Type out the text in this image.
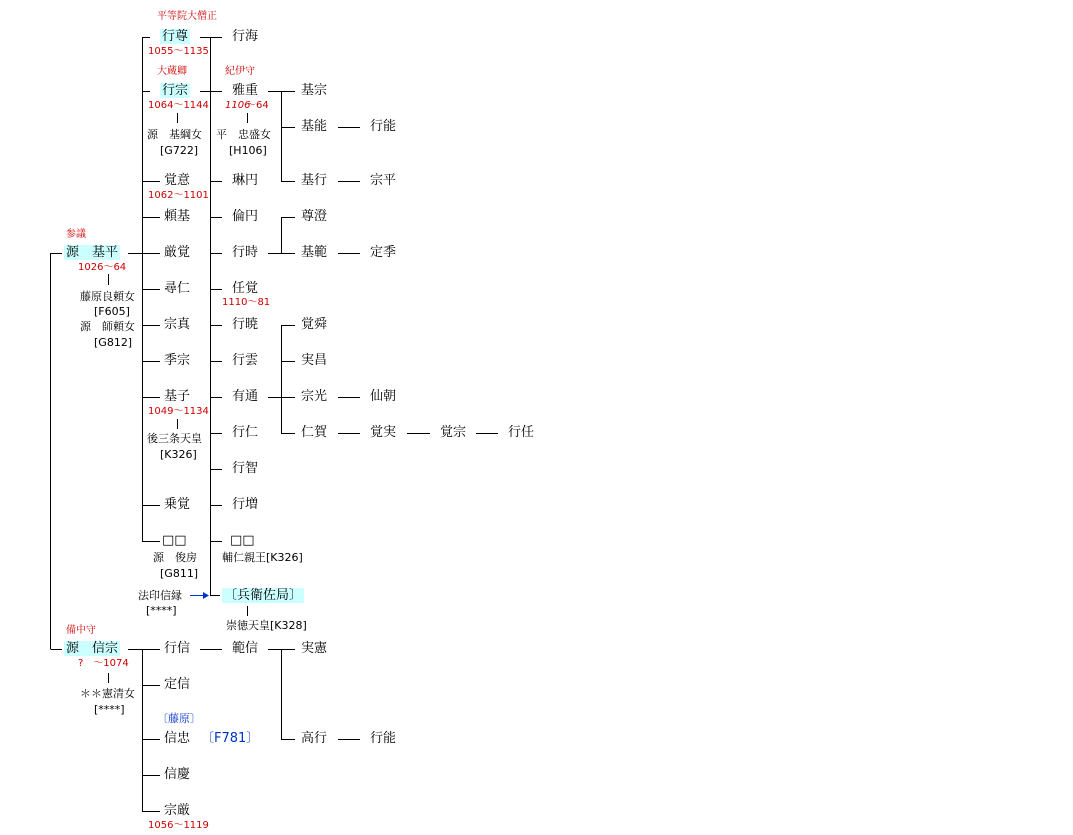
参議
源　基平
1026〜64
藤原良頼女
[F605]
源　師頼女
[G812]
備中守
源　信宗
?　〜1074
＊＊憲清女
[****]
平等院大僧正
行尊
1055〜1135
大蔵卿
行宗
1064〜1144
源　基綱女
[G722]
覚意
1062〜1101
頼基
厳覚
尋仁
宗真
季宗
基子
1049〜1134
後三条天皇
[K326]
乗覚
□□
源　俊房
[G811]
法印信縁
[****]
行海
紀伊守
雅重
1106
〜64
平　忠盛女
[H106]
琳円
倫円
行時
任覚
1110〜81
行暁
行雲
有通
行仁
行智
行増
□□
輔仁親王[K326]
〔兵衛佐局〕
崇徳天皇[K328]
基宗
基能
基行
尊澄
基範
覚舜
実昌
宗光
仁賀
行能
宗平
定季
仙朝
覚実	覚宗	行任
行信
定信
〔藤原〕
信忠 〔F781〕
信慶
宗厳
1056〜1119
範信	実憲
高行	行能
